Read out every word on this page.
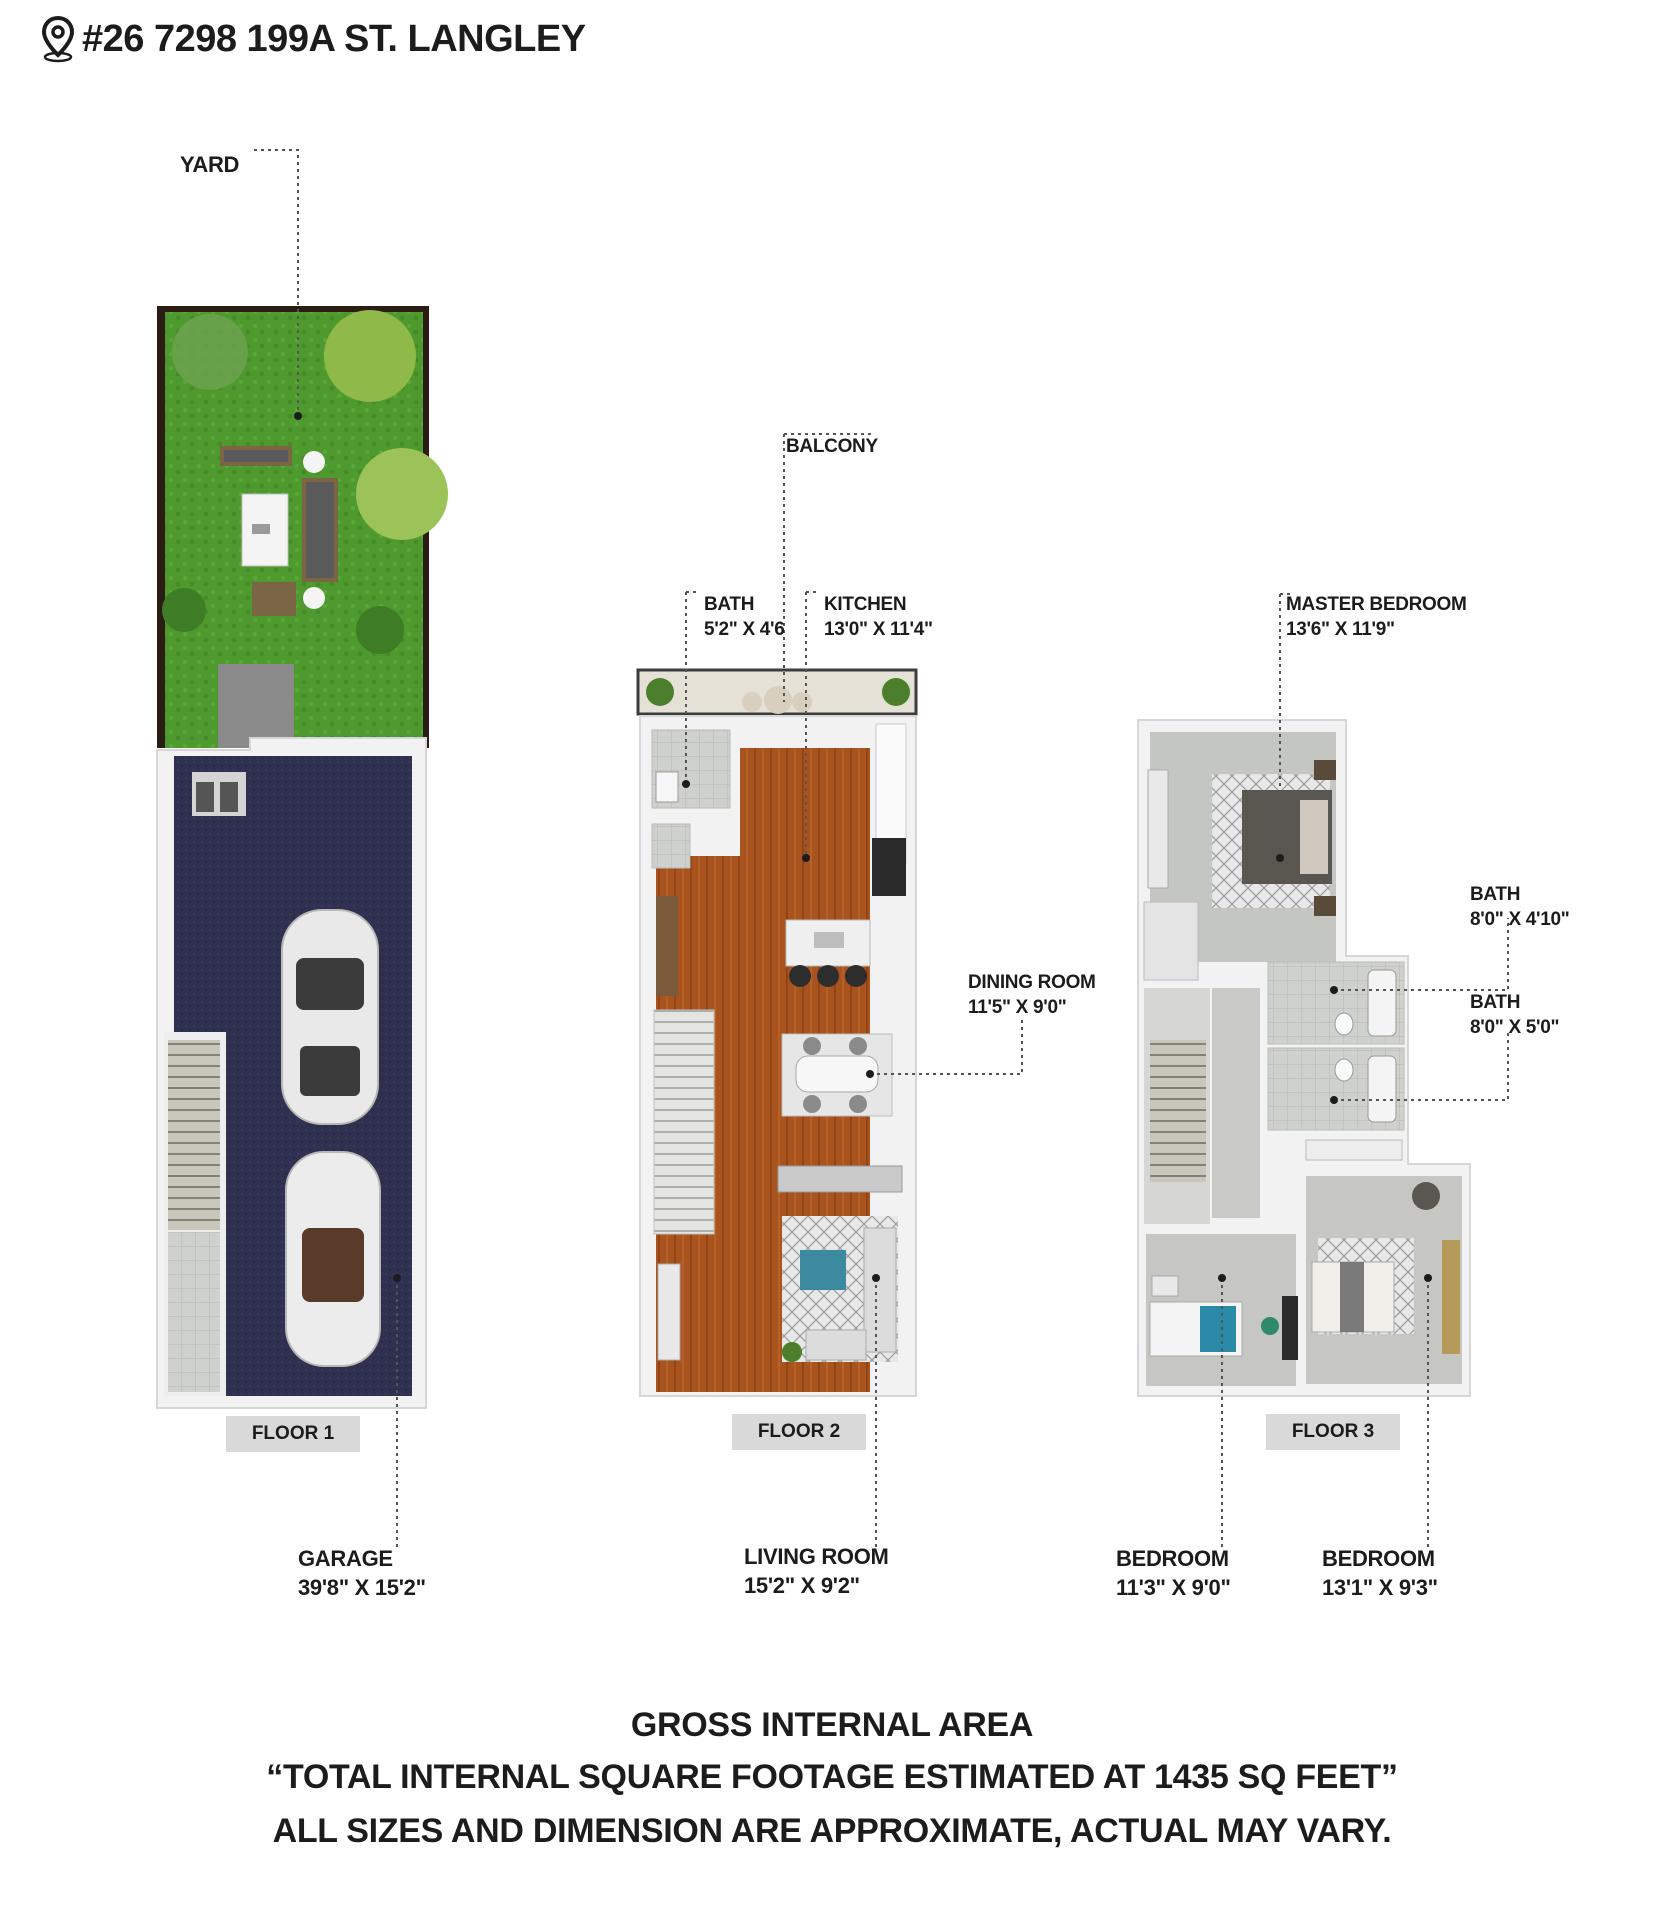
#26 7298 199A ST. LANGLEY
YARD
BALCONY
BATH
5'2" X 4'6
KITCHEN
13'0" X 11'4"
DINING ROOM
11'5" X 9'0"
MASTER BEDROOM
13'6" X 11'9"
BATH
8'0" X 4'10"
BATH
8'0" X 5'0"
GARAGE
39'8" X 15'2"
LIVING ROOM
15'2" X 9'2"
BEDROOM
11'3" X 9'0"
BEDROOM
13'1" X 9'3"
FLOOR 1	FLOOR 2	FLOOR 3
GROSS INTERNAL AREA
“TOTAL INTERNAL SQUARE FOOTAGE ESTIMATED AT 1435 SQ FEET”
ALL SIZES AND DIMENSION ARE APPROXIMATE, ACTUAL MAY VARY.
